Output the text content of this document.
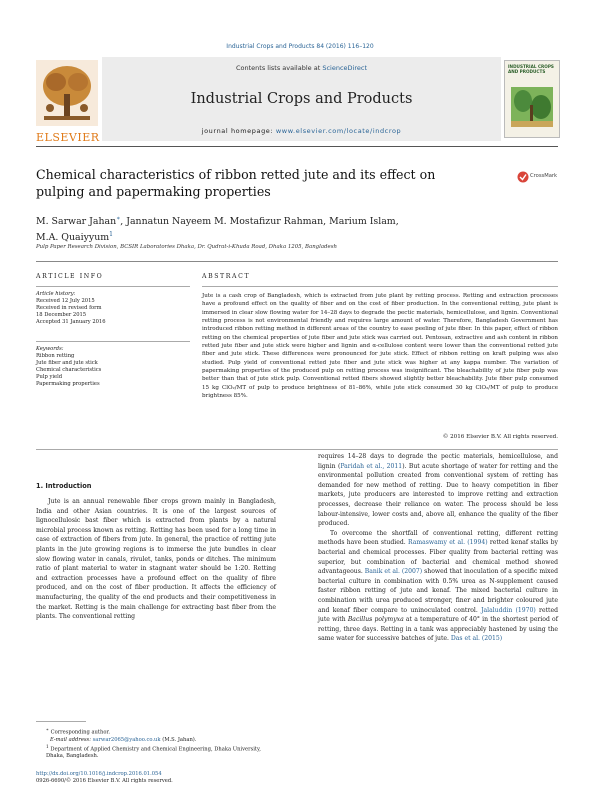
Industrial Crops and Products 84 (2016) 116–120
ELSEVIER
Contents lists available at ScienceDirect
Industrial Crops and Products
INDUSTRIAL CROPS AND PRODUCTS
journal homepage: www.elsevier.com/locate/indcrop
Chemical characteristics of ribbon retted jute and its effect on pulping and papermaking properties
CrossMark
M. Sarwar Jahan∗, Jannatun Nayeem M. Mostafizur Rahman, Marium Islam,
M.A. Quaiyyum$^1$
Pulp Paper Research Division, BCSIR Laboratories Dhaka, Dr. Qudrat-i-Khuda Road, Dhaka 1205, Bangladesh
ARTICLE INFO
Article history:
Received 12 July 2015
Received in revised form
18 December 2015
Accepted 31 January 2016
Keywords:
Ribbon retting
Jute fiber and jute stick
Chemical characteristics
Pulp yield
Papermaking properties
ABSTRACT
Jute is a cash crop of Bangladesh, which is extracted from jute plant by retting process. Retting and extraction processes have a profound effect on the quality of fiber and on the cost of fiber production. In the conventional retting, jute plant is immersed in clear slow flowing water for 14–28 days to degrade the pectic materials, hemicellulose, and lignin. Conventional retting process is not environmental friendly and requires large amount of water. Therefore, Bangladesh Government has introduced ribbon retting method in different areas of the country to ease peeling of jute fiber. In this paper, effect of ribbon retting on the chemical properties of jute fiber and jute stick was carried out. Pentosan, extractive and ash content in ribbon retted jute fiber and jute stick were higher and lignin and α-cellulose content were lower than the conventional retted jute fiber and jute stick. These differences were pronounced for jute stick. Effect of ribbon retting on kraft pulping was also studied. Pulp yield of conventional retted jute fiber and jute stick was higher at any kappa number. The variation of papermaking properties of the produced pulp on retting process was insignificant. The bleachability of jute fiber pulp was better than that of jute stick pulp. Conventional retted fibers showed slightly better bleachability. Jute fiber pulp consumed 15 kg ClO₂/MT of pulp to produce brightness of 81–86%, while jute stick consumed 30 kg ClO₂/MT of pulp to produce brightness 85%.
© 2016 Elsevier B.V. All rights reserved.
1. Introduction

Jute is an annual renewable fiber crops grown mainly in Bangladesh, India and other Asian countries. It is one of the largest sources of lignocellulosic bast fiber which is extracted from plants by a natural microbial process known as retting. Retting has been used for a long time in case of extraction of fibers from jute. In general, the practice of retting jute plants in the jute growing regions is to immerse the jute bundles in clear slow flowing water in canals, rivulet, tanks, ponds or ditches. The minimum ratio of plant material to water in stagnant water should be 1:20. Retting and extraction processes have a profound effect on the quality of fibre produced, and on the cost of fiber production. It affects the efficiency of manufacturing, the quality of the end products and their competitiveness in the market. Retting is the main challenge for extracting bast fiber from the plants. The conventional retting

requires 14–28 days to degrade the pectic materials, hemicellulose, and lignin (Paridah et al., 2011). But acute shortage of water for retting and the environmental pollution created from conventional system of retting has demanded for new method of retting. Due to heavy competition in fiber markets, jute producers are interested to improve retting and extraction processes, decrease their reliance on water. The process should be less labour-intensive, lower costs and, above all, enhance the quality of the fiber produced.

To overcome the shortfall of conventional retting, different retting methods have been studied. Ramaswamy et al. (1994) retted kenaf stalks by bacterial and chemical processes. Fiber quality from bacterial retting was superior, but combination of bacterial and chemical method showed advantageous. Banik et al. (2007) showed that inoculation of a specific mixed bacterial culture in combination with 0.5% urea as N-supplement caused faster ribbon retting of jute and kenaf. The mixed bacterial culture in combination with urea produced stronger, finer and brighter coloured jute and kenaf fiber compare to uninoculated control. Jalaluddin (1970) retted jute with Bacillus polymyxa at a temperature of 40° in the shortest period of retting, three days. Retting in a tank was appreciably hastened by using the same water for successive batches of jute. Das et al. (2015)

∗ Corresponding author.
E-mail address: sarwar2065@yahoo.co.uk (M.S. Jahan).
$^1$ Department of Applied Chemistry and Chemical Engineering, Dhaka University, Dhaka, Bangladesh.
http://dx.doi.org/10.1016/j.indcrop.2016.01.054
0926-6690/© 2016 Elsevier B.V. All rights reserved.
